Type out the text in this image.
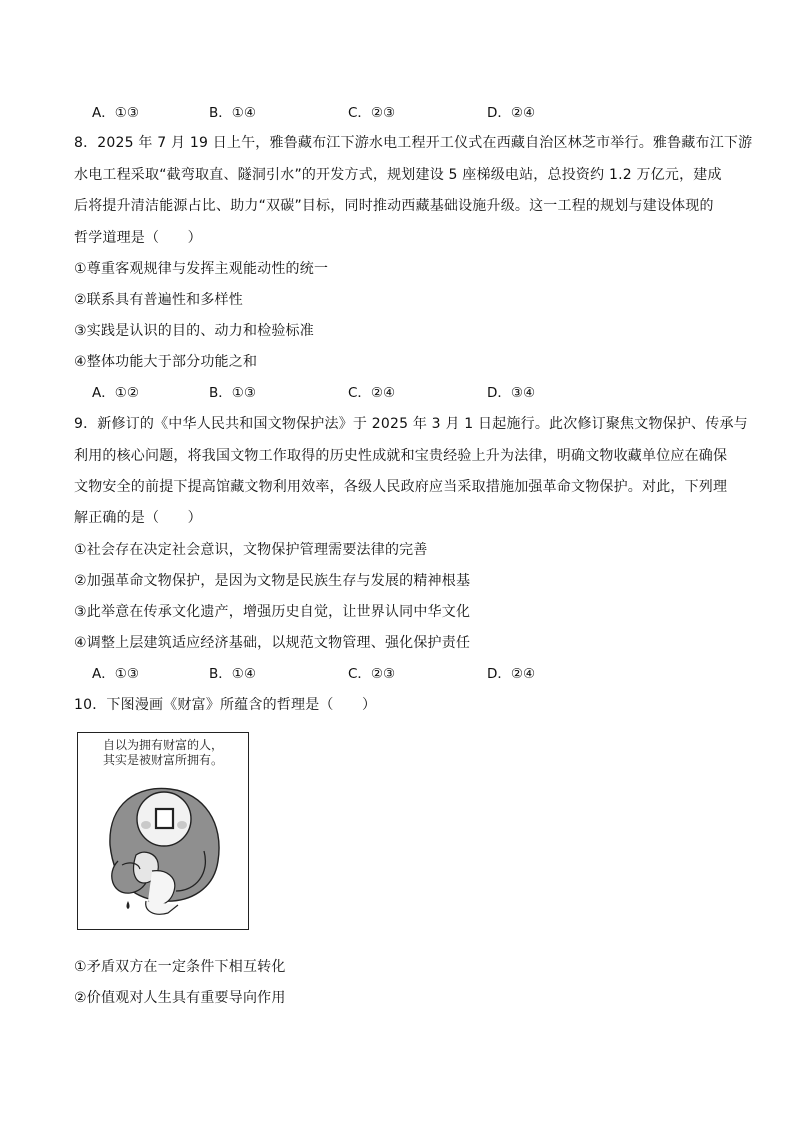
A．①③	B．①④	C．②③	D．②④
8．2025 年 7 月 19 日上午，雅鲁藏布江下游水电工程开工仪式在西藏自治区林芝市举行。雅鲁藏布江下游
水电工程采取“截弯取直、隧洞引水”的开发方式，规划建设 5 座梯级电站，总投资约 1.2 万亿元，建成
后将提升清洁能源占比、助力“双碳”目标，同时推动西藏基础设施升级。这一工程的规划与建设体现的
哲学道理是（　　）
①尊重客观规律与发挥主观能动性的统一
②联系具有普遍性和多样性
③实践是认识的目的、动力和检验标准
④整体功能大于部分功能之和
A．①②	B．①③	C．②④	D．③④
9．新修订的《中华人民共和国文物保护法》于 2025 年 3 月 1 日起施行。此次修订聚焦文物保护、传承与
利用的核心问题，将我国文物工作取得的历史性成就和宝贵经验上升为法律，明确文物收藏单位应在确保
文物安全的前提下提高馆藏文物利用效率，各级人民政府应当采取措施加强革命文物保护。对此，下列理
解正确的是（　　）
①社会存在决定社会意识，文物保护管理需要法律的完善
②加强革命文物保护，是因为文物是民族生存与发展的精神根基
③此举意在传承文化遗产，增强历史自觉，让世界认同中华文化
④调整上层建筑适应经济基础，以规范文物管理、强化保护责任
A．①③	B．①④	C．②③	D．②④
10．下图漫画《财富》所蕴含的哲理是（　　）
自以为拥有财富的人，
其实是被财富所拥有。
①矛盾双方在一定条件下相互转化
②价值观对人生具有重要导向作用
